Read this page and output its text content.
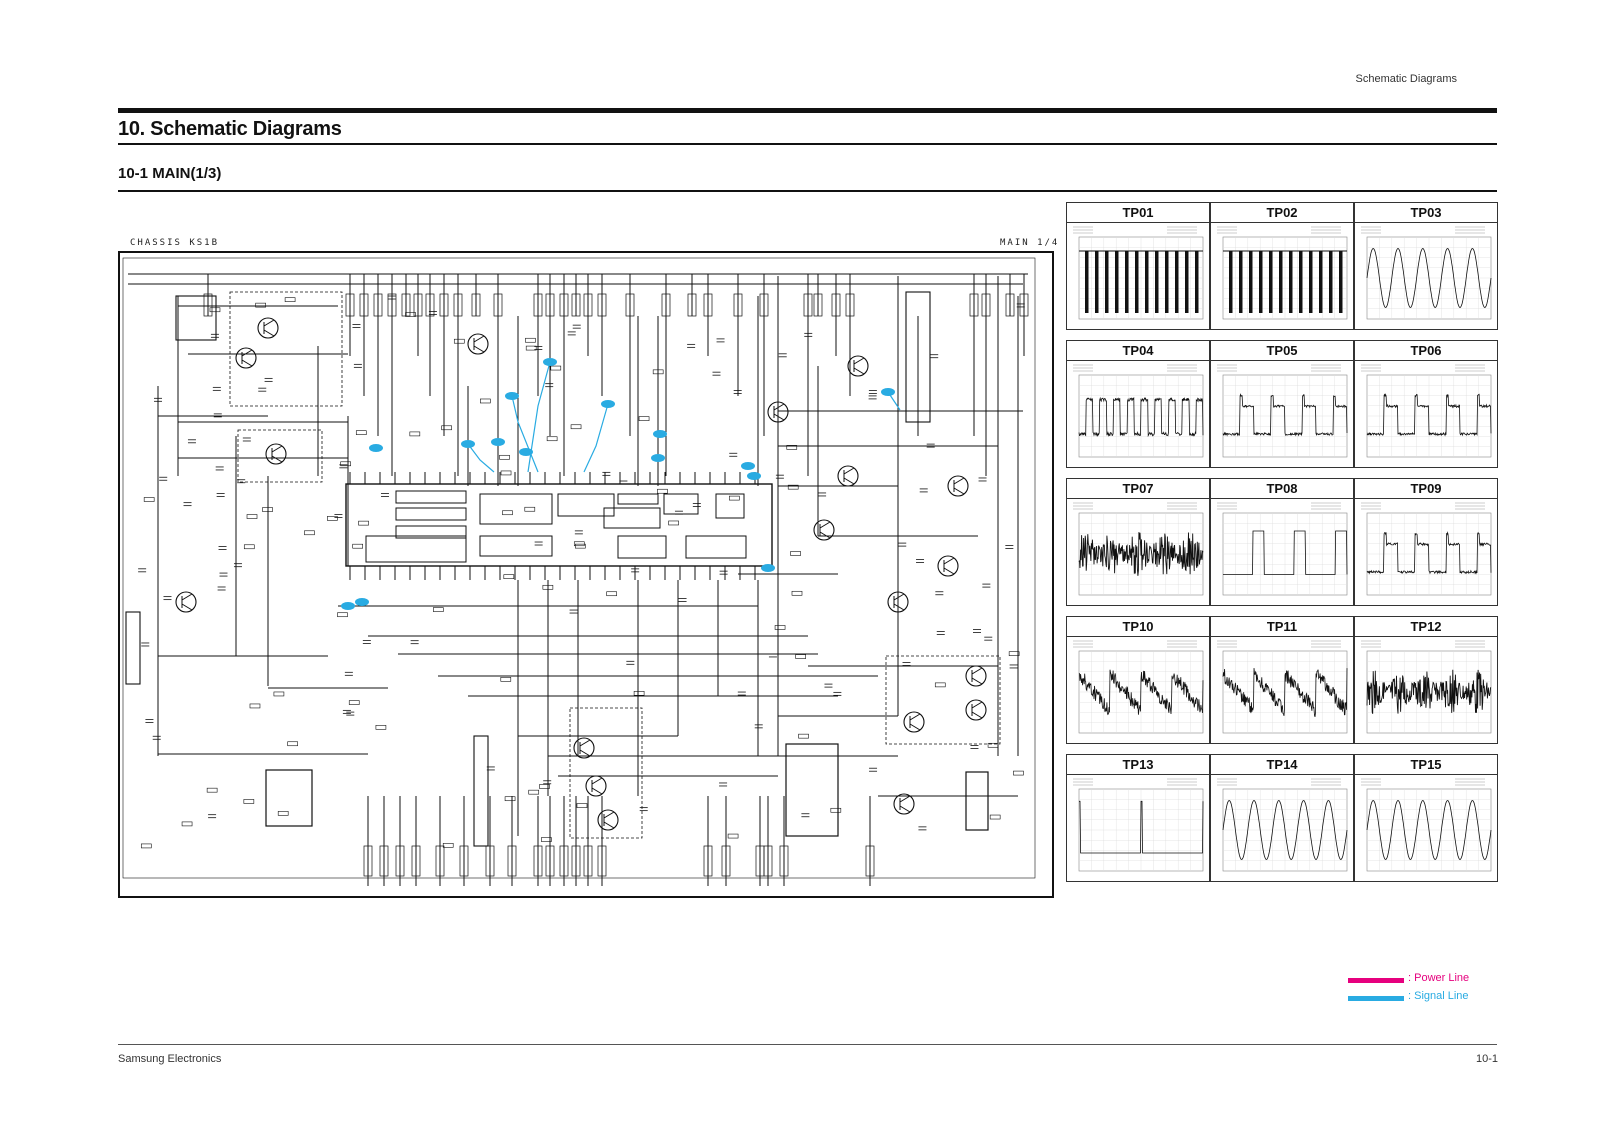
Schematic Diagrams
10. Schematic Diagrams
10-1 MAIN(1/3)
CHASSIS KS1B	MAIN 1/4
TP01	TP02	TP03
TP04	TP05	TP06
TP07	TP08	TP09
TP10	TP11	TP12
TP13	TP14	TP15
: Power Line
: Signal Line
Samsung Electronics	10-1
